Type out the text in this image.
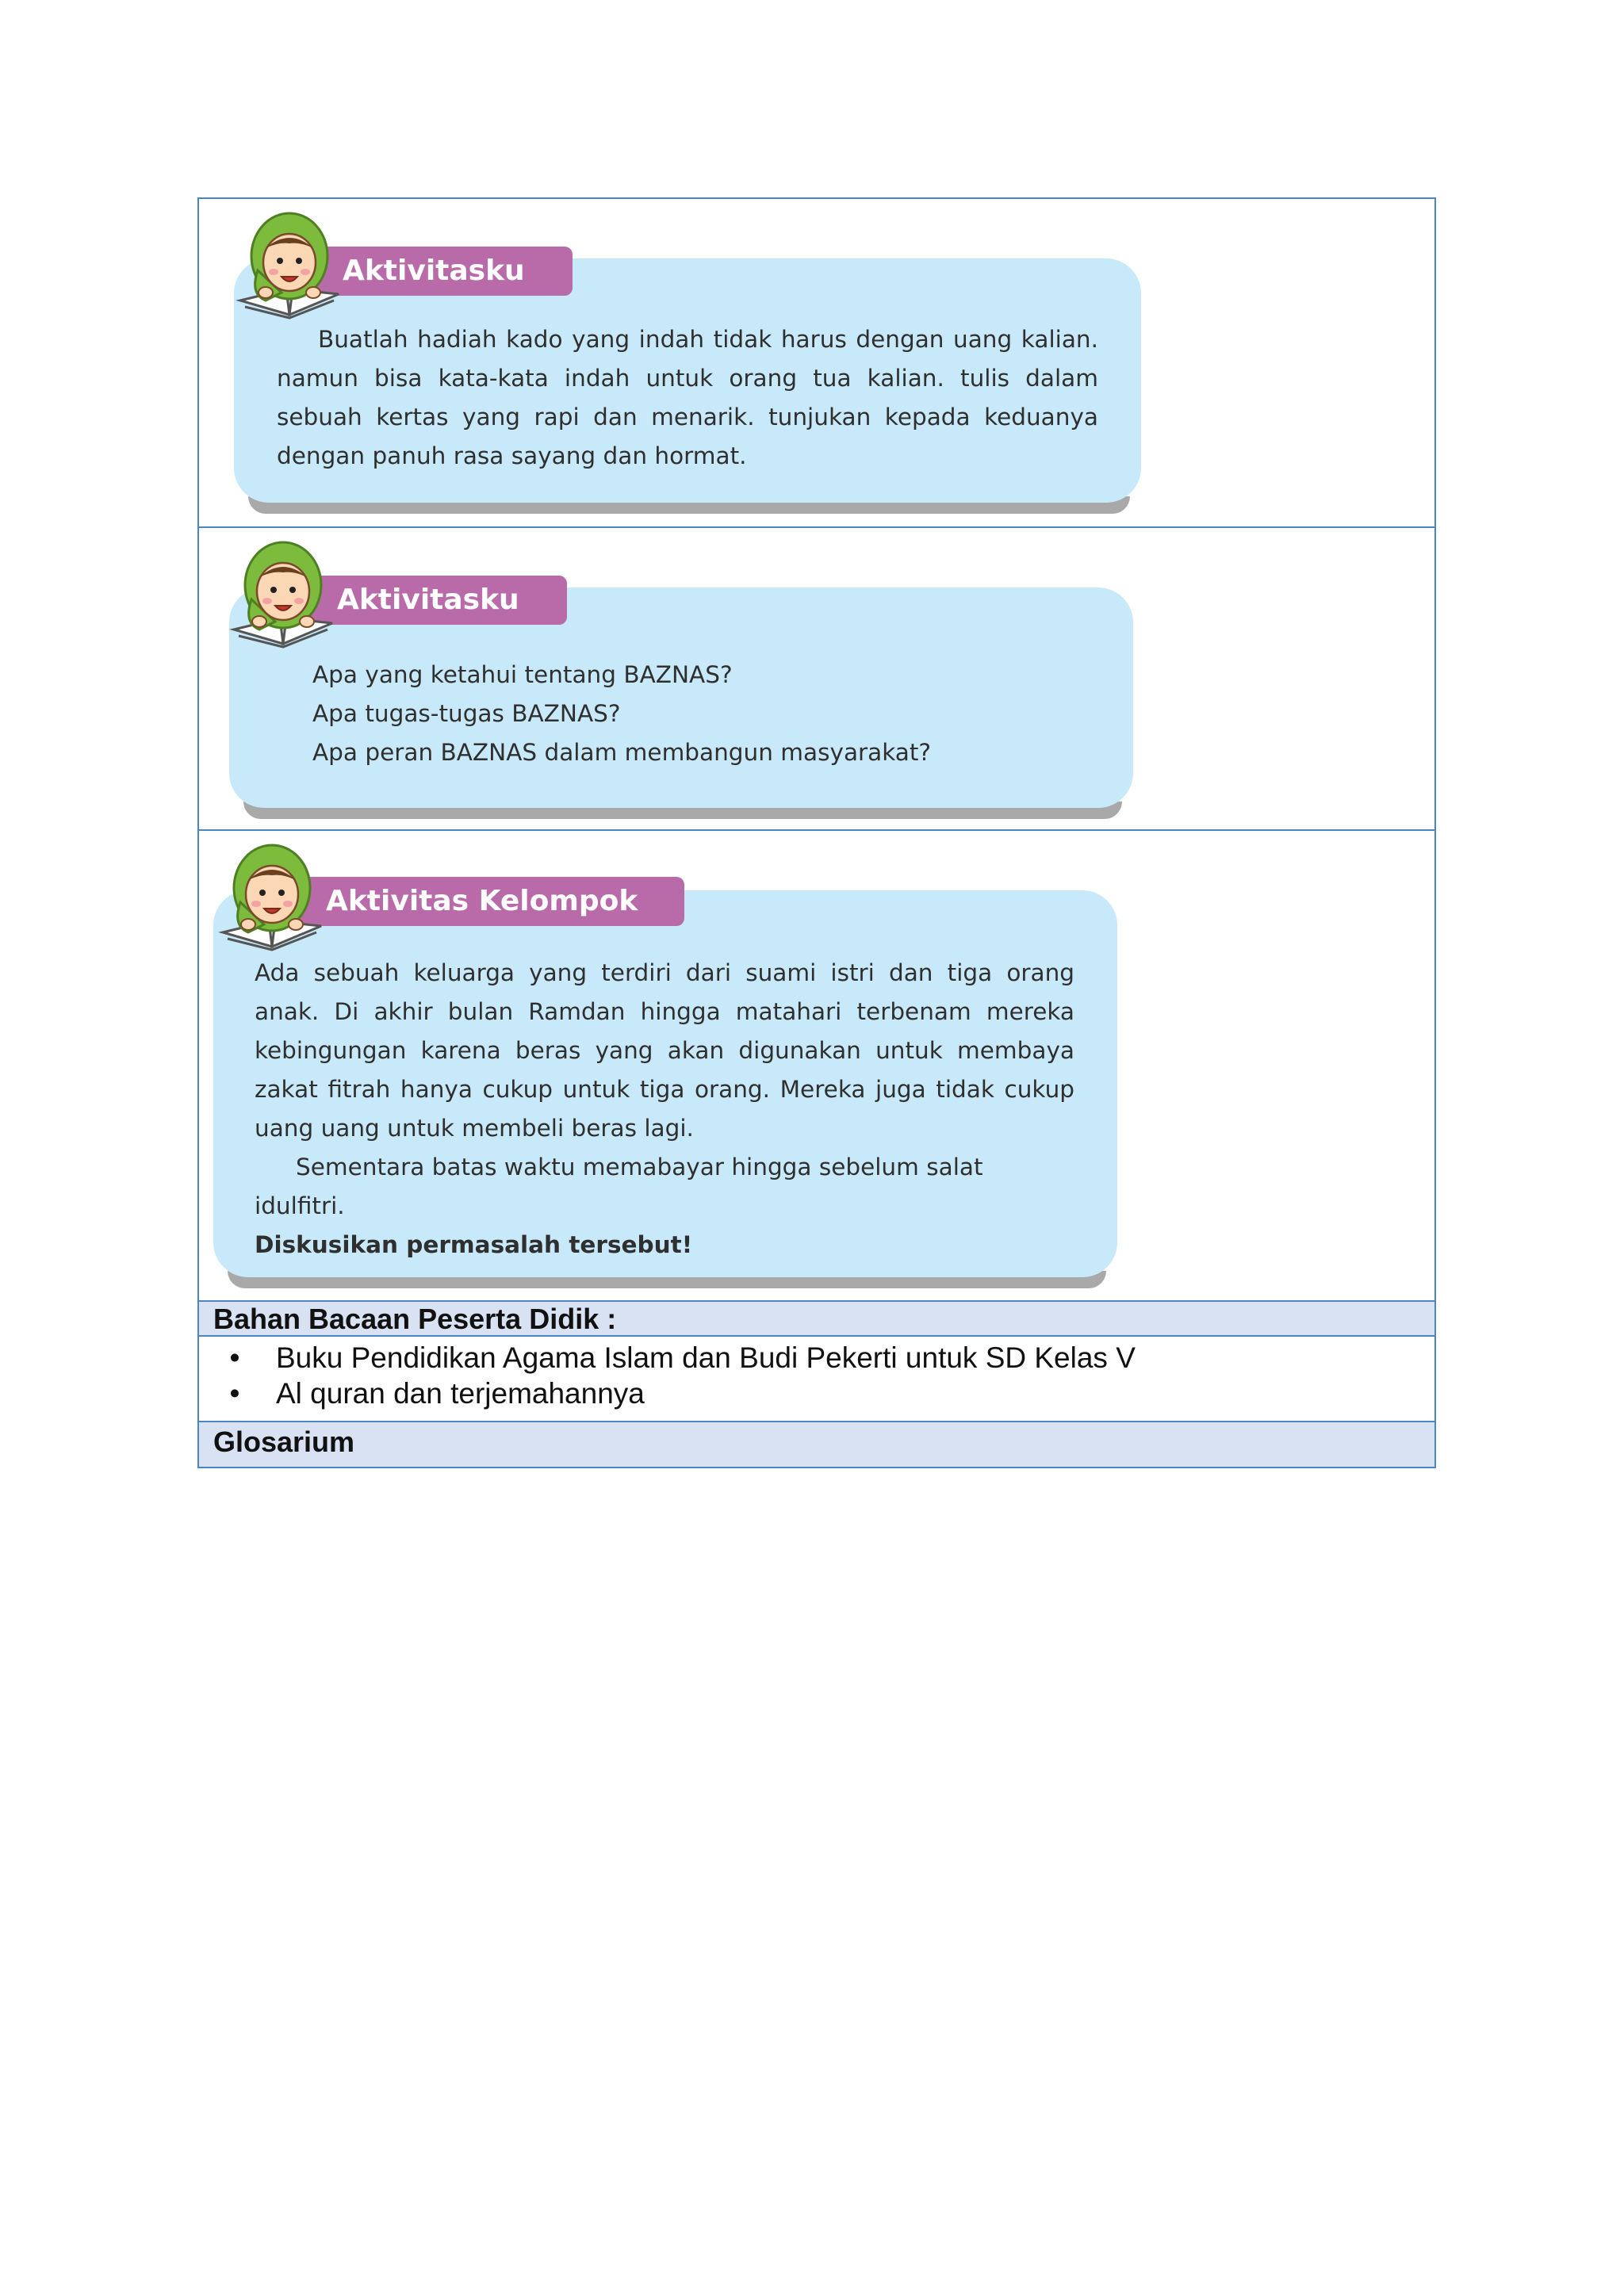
Buatlah hadiah kado yang indah tidak harus dengan uang kalian. namun bisa kata-kata indah untuk orang tua kalian. tulis dalam sebuah kertas yang rapi dan menarik. tunjukan kepada keduanya dengan panuh rasa sayang dan hormat.

Aktivitasku

Apa yang ketahui tentang BAZNAS?

Apa tugas-tugas BAZNAS?

Apa peran BAZNAS dalam membangun masyarakat?

Aktivitasku

Ada sebuah keluarga yang terdiri dari suami istri dan tiga orang anak. Di akhir bulan Ramdan hingga matahari terbenam mereka kebingungan karena beras yang akan digunakan untuk membaya zakat fitrah hanya cukup untuk tiga orang. Mereka juga tidak cukup uang uang untuk membeli beras lagi.

Sementara batas waktu memabayar hingga sebelum salat idulfitri.

Diskusikan permasalah tersebut!

Aktivitas Kelompok
Bahan Bacaan Peserta Didik :
• Buku Pendidikan Agama Islam dan Budi Pekerti untuk SD Kelas V
• Al quran dan terjemahannya
Glosarium
